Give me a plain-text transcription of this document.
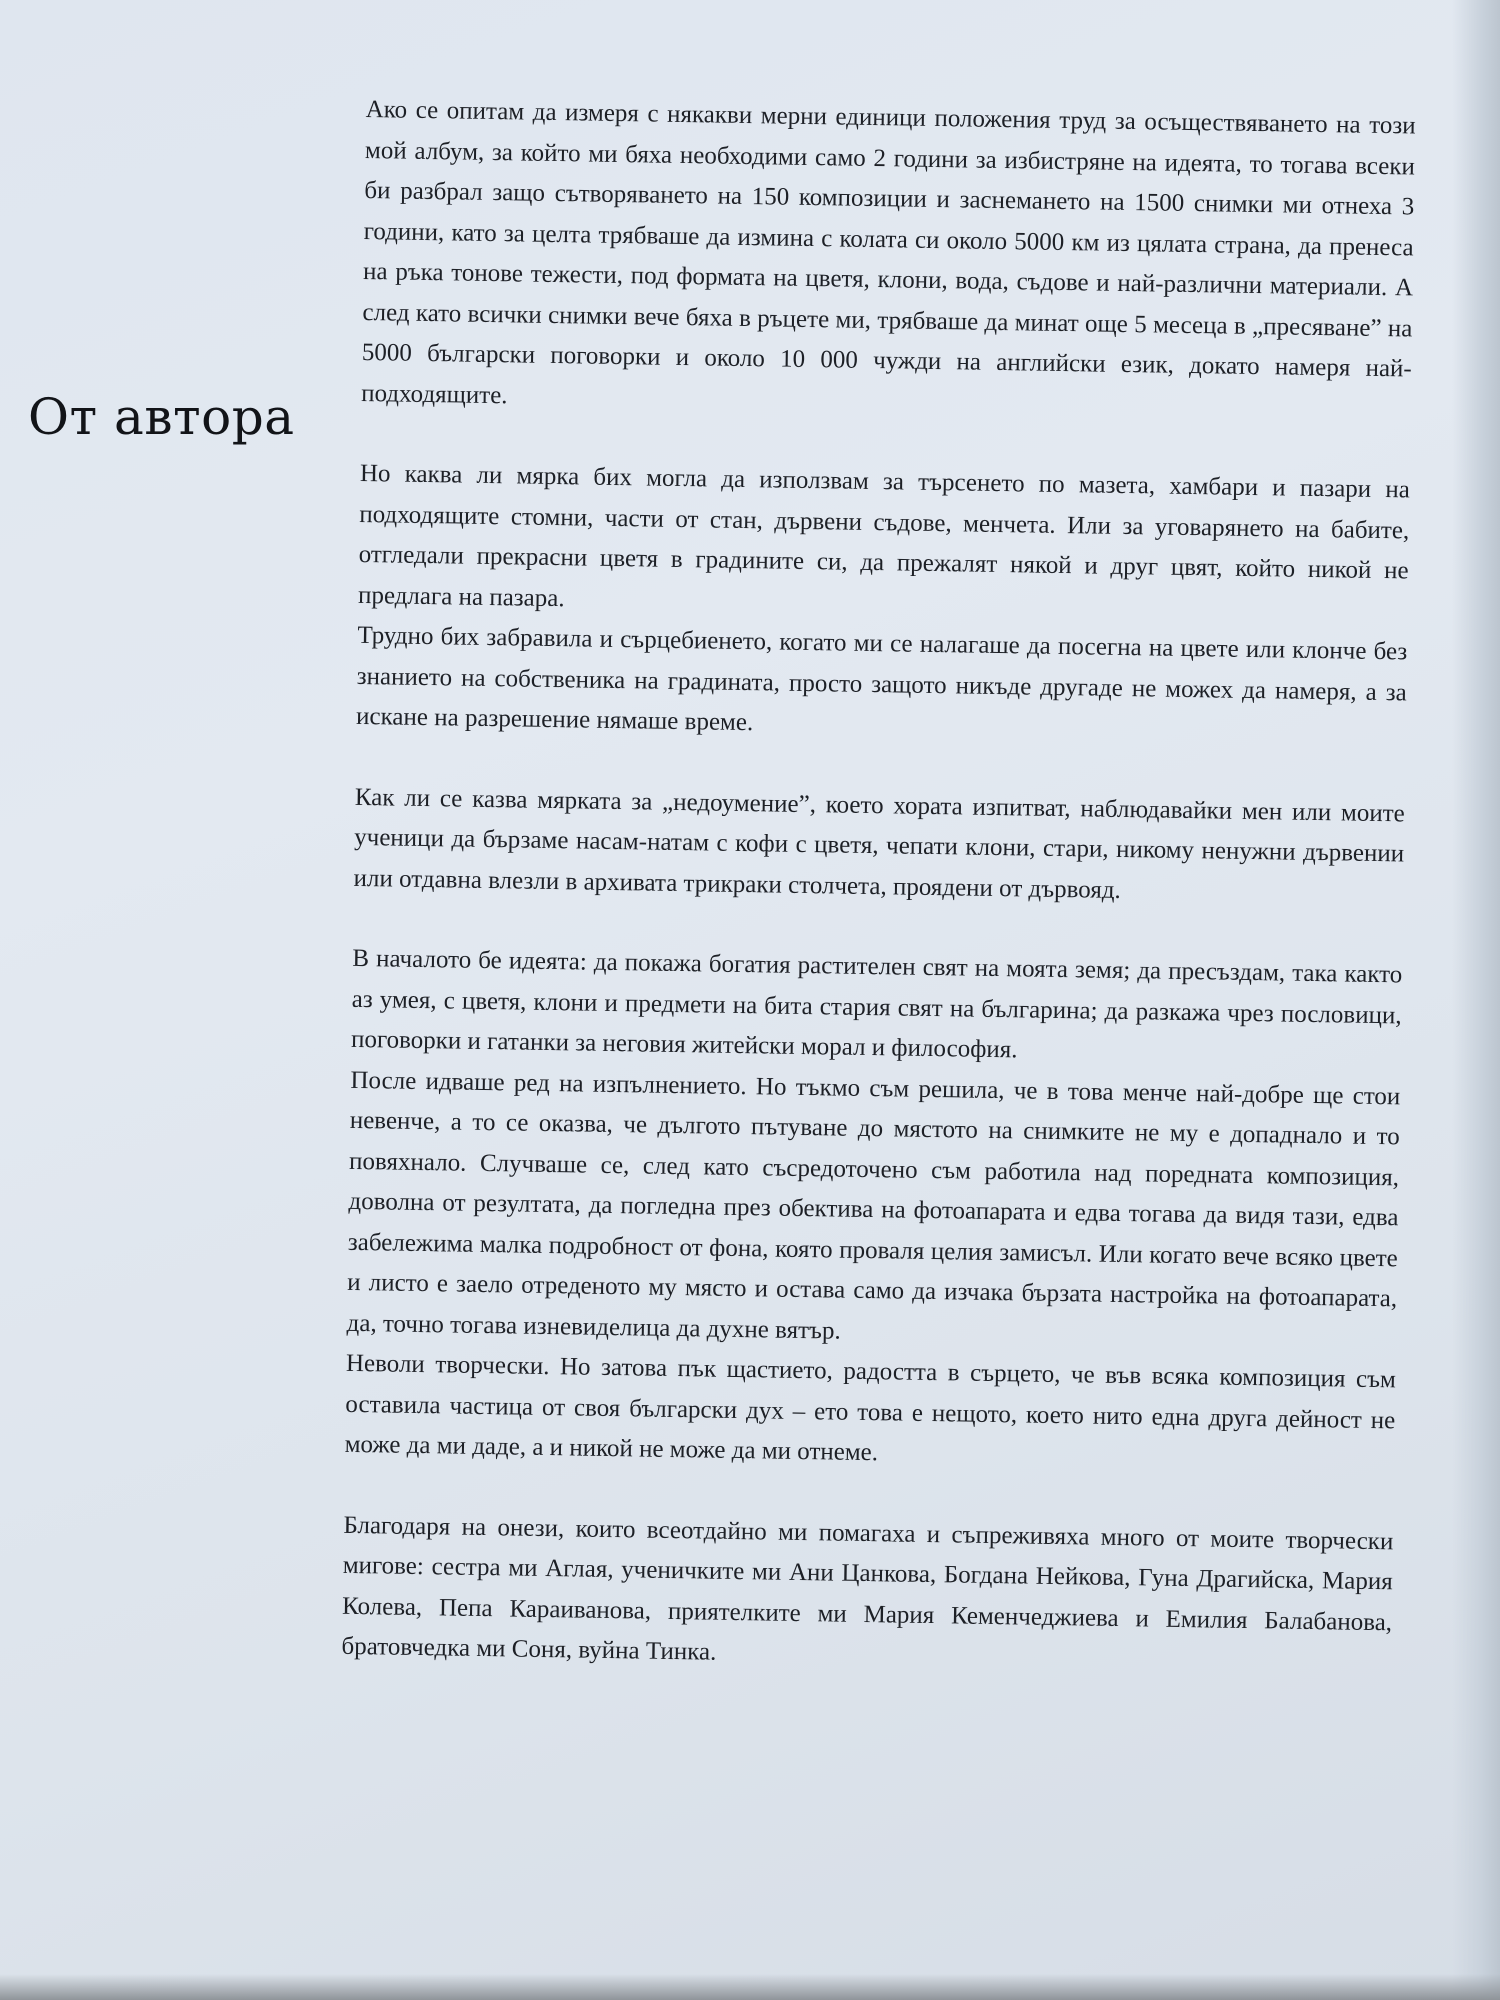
От автора

Ако се опитам да измеря с някакви мерни единици положения труд за осъществяването на този мой албум, за който ми бяха необходими само 2 години за избистряне на идеята, то тогава всеки би разбрал защо сътворяването на 150 композиции и заснемането на 1500 снимки ми отнеха 3 години, като за целта трябваше да измина с колата си около 5000 км из цялата страна, да пренеса на ръка тонове тежести, под формата на цветя, клони, вода, съдове и най-различни материали. А след като всички снимки вече бяха в ръцете ми, трябваше да минат още 5 месеца в „пресяване” на 5000 български поговорки и около 10 000 чужди на английски език, докато намеря най-подходящите.

Но каква ли мярка бих могла да използвам за търсенето по мазета, хамбари и пазари на подходящите стомни, части от стан, дървени съдове, менчета. Или за уговарянето на бабите, отгледали прекрасни цветя в градините си, да прежалят някой и друг цвят, който никой не предлага на пазара.

Трудно бих забравила и сърцебиенето, когато ми се налагаше да посегна на цвете или клонче без знанието на собственика на градината, просто защото никъде другаде не можех да намеря, а за искане на разрешение нямаше време.

Как ли се казва мярката за „недоумение”, което хората изпитват, наблюдавайки мен или моите ученици да бързаме насам-натам с кофи с цветя, чепати клони, стари, никому ненужни дървении или отдавна влезли в архивата трикраки столчета, проядени от дървояд.

В началото бе идеята: да покажа богатия растителен свят на моята земя; да пресъздам, така както аз умея, с цветя, клони и предмети на бита стария свят на българина; да разкажа чрез пословици, поговорки и гатанки за неговия житейски морал и философия.

После идваше ред на изпълнението. Но тъкмо съм решила, че в това менче най-добре ще стои невенче, а то се оказва, че дългото пътуване до мястото на снимките не му е допаднало и то повяхнало. Случваше се, след като съсредоточено съм работила над поредната композиция, доволна от резултата, да погледна през обектива на фотоапарата и едва тогава да видя тази, едва забележима малка подробност от фона, която проваля целия замисъл. Или когато вече всяко цвете и листо е заело отреденото му място и остава само да изчака бързата настройка на фотоапарата, да, точно тогава изневиделица да духне вятър.

Неволи творчески. Но затова пък щастието, радостта в сърцето, че във всяка композиция съм оставила частица от своя български дух – ето това е нещото, което нито една друга дейност не може да ми даде, а и никой не може да ми отнеме.

Благодаря на онези, които всеотдайно ми помагаха и съпреживяха много от моите творчески мигове: сестра ми Аглая, ученичките ми Ани Цанкова, Богдана Нейкова, Гуна Драгийска, Мария Колева, Пепа Караиванова, приятелките ми Мария Кеменчеджиева и Емилия Балабанова, братовчедка ми Соня, вуйна Тинка.
